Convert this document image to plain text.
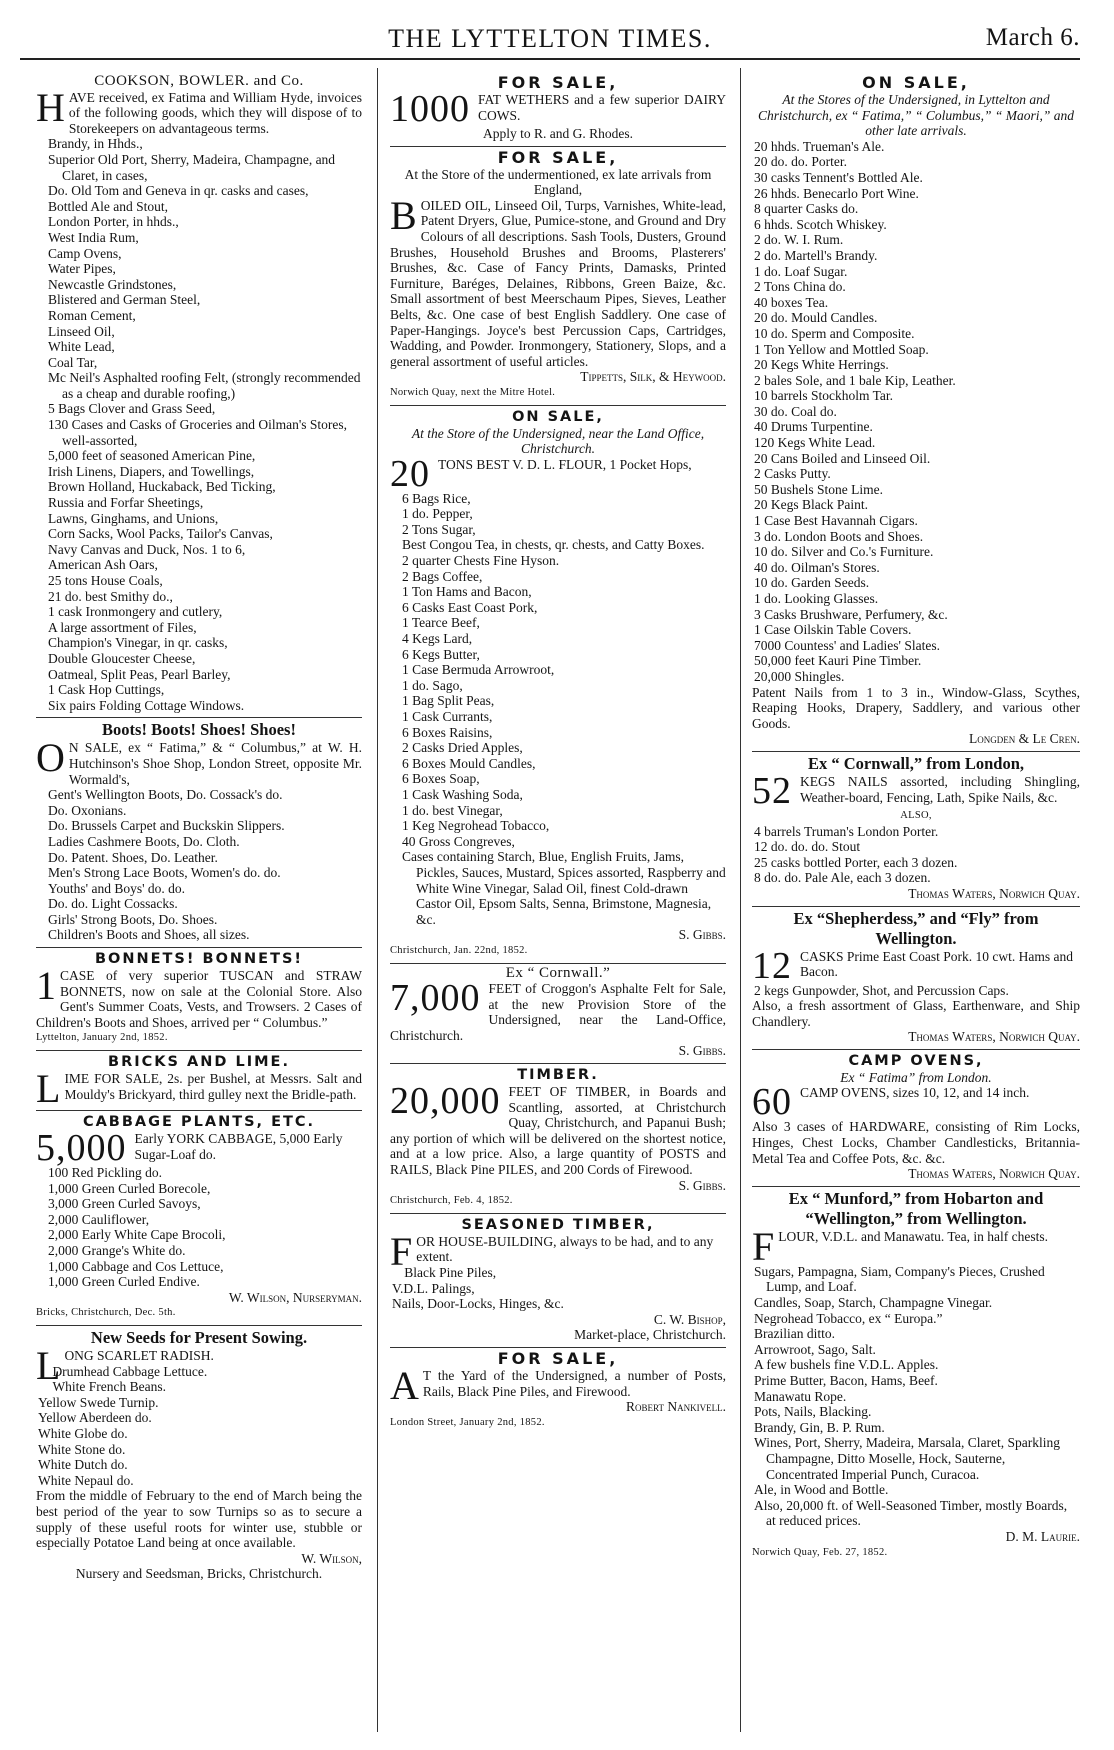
THE LYTTELTON TIMES.	March 6.
COOKSON, BOWLER. and Co.
H AVE received, ex Fatima and William Hyde, invoices of the following goods, which they will dispose of to Storekeepers on advantageous terms.
Brandy, in Hhds.,
Superior Old Port, Sherry, Madeira, Champagne, and Claret, in cases,
Do. Old Tom and Geneva in qr. casks and cases,
Bottled Ale and Stout,
London Porter, in hhds.,
West India Rum,
Camp Ovens,
Water Pipes,
Newcastle Grindstones,
Blistered and German Steel,
Roman Cement,
Linseed Oil,
White Lead,
Coal Tar,
Mc Neil's Asphalted roofing Felt, (strongly recommended as a cheap and durable roofing,)
5 Bags Clover and Grass Seed,
130 Cases and Casks of Groceries and Oilman's Stores, well-assorted,
5,000 feet of seasoned American Pine,
Irish Linens, Diapers, and Towellings,
Brown Holland, Huckaback, Bed Ticking,
Russia and Forfar Sheetings,
Lawns, Ginghams, and Unions,
Corn Sacks, Wool Packs, Tailor's Canvas,
Navy Canvas and Duck, Nos. 1 to 6,
American Ash Oars,
25 tons House Coals,
21 do. best Smithy do.,
1 cask Ironmongery and cutlery,
A large assortment of Files,
Champion's Vinegar, in qr. casks,
Double Gloucester Cheese,
Oatmeal, Split Peas, Pearl Barley,
1 Cask Hop Cuttings,
Six pairs Folding Cottage Windows.
Boots! Boots! Shoes! Shoes!
O N SALE, ex “ Fatima,” & “ Columbus,” at W. H. Hutchinson's Shoe Shop, London Street, opposite Mr. Wormald's,
Gent's Wellington Boots, Do. Cossack's do.
Do. Oxonians.
Do. Brussels Carpet and Buckskin Slippers.
Ladies Cashmere Boots, Do. Cloth.
Do. Patent. Shoes, Do. Leather.
Men's Strong Lace Boots, Women's do. do.
Youths' and Boys' do. do.
Do. do. Light Cossacks.
Girls' Strong Boots, Do. Shoes.
Children's Boots and Shoes, all sizes.
BONNETS! BONNETS!
1 CASE of very superior TUSCAN and STRAW BONNETS, now on sale at the Colonial Store. Also Gent's Summer Coats, Vests, and Trowsers. 2 Cases of Children's Boots and Shoes, arrived per “ Columbus.”
Lyttelton, January 2nd, 1852.
BRICKS AND LIME.
L IME FOR SALE, 2s. per Bushel, at Messrs. Salt and Mouldy's Brickyard, third gulley next the Bridle-path.
CABBAGE PLANTS, ETC.
5,000 Early YORK CABBAGE, 5,000 Early Sugar-Loaf do.
100 Red Pickling do.
1,000 Green Curled Borecole,
3,000 Green Curled Savoys,
2,000 Cauliflower,
2,000 Early White Cape Brocoli,
2,000 Grange's White do.
1,000 Cabbage and Cos Lettuce,
1,000 Green Curled Endive.
W. Wilson, Nurseryman.
Bricks, Christchurch, Dec. 5th.
New Seeds for Present Sowing.
L ONG SCARLET RADISH.
Drumhead Cabbage Lettuce.
White French Beans.
Yellow Swede Turnip.
Yellow Aberdeen do.
White Globe do.
White Stone do.
White Dutch do.
White Nepaul do.
From the middle of February to the end of March being the best period of the year to sow Turnips so as to secure a supply of these useful roots for winter use, stubble or especially Potatoe Land being at once available.
W. Wilson,
Nursery and Seedsman, Bricks, Christchurch.
FOR SALE,
1000 FAT WETHERS and a few superior DAIRY COWS.
Apply to R. and G. Rhodes.
FOR SALE,
At the Store of the undermentioned, ex late arrivals from England,
B OILED OIL, Linseed Oil, Turps, Varnishes, White-lead, Patent Dryers, Glue, Pumice-stone, and Ground and Dry Colours of all descriptions. Sash Tools, Dusters, Ground Brushes, Household Brushes and Brooms, Plasterers' Brushes, &c. Case of Fancy Prints, Damasks, Printed Furniture, Baréges, Delaines, Ribbons, Green Baize, &c. Small assortment of best Meerschaum Pipes, Sieves, Leather Belts, &c. One case of best English Saddlery. One case of Paper-Hangings. Joyce's best Percussion Caps, Cartridges, Wadding, and Powder. Ironmongery, Stationery, Slops, and a general assortment of useful articles.
Tippetts, Silk, & Heywood.
Norwich Quay, next the Mitre Hotel.
ON SALE,
At the Store of the Undersigned, near the Land Office, Christchurch.
20 TONS BEST V. D. L. FLOUR, 1 Pocket Hops,
6 Bags Rice,
1 do. Pepper,
2 Tons Sugar,
Best Congou Tea, in chests, qr. chests, and Catty Boxes.
2 quarter Chests Fine Hyson.
2 Bags Coffee,
1 Ton Hams and Bacon,
6 Casks East Coast Pork,
1 Tearce Beef,
4 Kegs Lard,
6 Kegs Butter,
1 Case Bermuda Arrowroot,
1 do. Sago,
1 Bag Split Peas,
1 Cask Currants,
6 Boxes Raisins,
2 Casks Dried Apples,
6 Boxes Mould Candles,
6 Boxes Soap,
1 Cask Washing Soda,
1 do. best Vinegar,
1 Keg Negrohead Tobacco,
40 Gross Congreves,
Cases containing Starch, Blue, English Fruits, Jams, Pickles, Sauces, Mustard, Spices assorted, Raspberry and White Wine Vinegar, Salad Oil, finest Cold-drawn Castor Oil, Epsom Salts, Senna, Brimstone, Magnesia, &c.
S. Gibbs.
Christchurch, Jan. 22nd, 1852.
Ex “ Cornwall.”
7,000 FEET of Croggon's Asphalte Felt for Sale, at the new Provision Store of the Undersigned, near the Land-Office, Christchurch.
S. Gibbs.
TIMBER.
20,000 FEET OF TIMBER, in Boards and Scantling, assorted, at Christchurch Quay, Christchurch, and Papanui Bush; any portion of which will be delivered on the shortest notice, and at a low price. Also, a large quantity of POSTS and RAILS, Black Pine PILES, and 200 Cords of Firewood.
S. Gibbs.
Christchurch, Feb. 4, 1852.
SEASONED TIMBER,
F OR HOUSE-BUILDING, always to be had, and to any extent.
Black Pine Piles,
V.D.L. Palings,
Nails, Door-Locks, Hinges, &c.
C. W. Bishop,
Market-place, Christchurch.
FOR SALE,
A T the Yard of the Undersigned, a number of Posts, Rails, Black Pine Piles, and Firewood.
Robert Nankivell.
London Street, January 2nd, 1852.
ON SALE,
At the Stores of the Undersigned, in Lyttelton and Christchurch, ex “ Fatima,” “ Columbus,” “ Maori,” and other late arrivals.
20 hhds. Trueman's Ale.
20 do. do. Porter.
30 casks Tennent's Bottled Ale.
26 hhds. Benecarlo Port Wine.
8 quarter Casks do.
6 hhds. Scotch Whiskey.
2 do. W. I. Rum.
2 do. Martell's Brandy.
1 do. Loaf Sugar.
2 Tons China do.
40 boxes Tea.
20 do. Mould Candles.
10 do. Sperm and Composite.
1 Ton Yellow and Mottled Soap.
20 Kegs White Herrings.
2 bales Sole, and 1 bale Kip, Leather.
10 barrels Stockholm Tar.
30 do. Coal do.
40 Drums Turpentine.
120 Kegs White Lead.
20 Cans Boiled and Linseed Oil.
2 Casks Putty.
50 Bushels Stone Lime.
20 Kegs Black Paint.
1 Case Best Havannah Cigars.
3 do. London Boots and Shoes.
10 do. Silver and Co.'s Furniture.
40 do. Oilman's Stores.
10 do. Garden Seeds.
1 do. Looking Glasses.
3 Casks Brushware, Perfumery, &c.
1 Case Oilskin Table Covers.
7000 Countess' and Ladies' Slates.
50,000 feet Kauri Pine Timber.
20,000 Shingles.
Patent Nails from 1 to 3 in., Window-Glass, Scythes, Reaping Hooks, Drapery, Saddlery, and various other Goods.
Longden & Le Cren.
Ex “ Cornwall,” from London,
52 KEGS NAILS assorted, including Shingling, Weather-board, Fencing, Lath, Spike Nails, &c.
ALSO,
4 barrels Truman's London Porter.
12 do. do. do. Stout
25 casks bottled Porter, each 3 dozen.
8 do. do. Pale Ale, each 3 dozen.
Thomas Waters, Norwich Quay.
Ex “Shepherdess,” and “Fly” from Wellington.
12 CASKS Prime East Coast Pork. 10 cwt. Hams and Bacon.
2 kegs Gunpowder, Shot, and Percussion Caps.
Also, a fresh assortment of Glass, Earthenware, and Ship Chandlery.
Thomas Waters, Norwich Quay.
CAMP OVENS,
Ex “ Fatima” from London.
60 CAMP OVENS, sizes 10, 12, and 14 inch.
Also 3 cases of HARDWARE, consisting of Rim Locks, Hinges, Chest Locks, Chamber Candlesticks, Britannia-Metal Tea and Coffee Pots, &c. &c.
Thomas Waters, Norwich Quay.
Ex “ Munford,” from Hobarton and “Wellington,” from Wellington.
F LOUR, V.D.L. and Manawatu. Tea, in half chests.
Sugars, Pampagna, Siam, Company's Pieces, Crushed Lump, and Loaf.
Candles, Soap, Starch, Champagne Vinegar.
Negrohead Tobacco, ex “ Europa.”
Brazilian ditto.
Arrowroot, Sago, Salt.
A few bushels fine V.D.L. Apples.
Prime Butter, Bacon, Hams, Beef.
Manawatu Rope.
Pots, Nails, Blacking.
Brandy, Gin, B. P. Rum.
Wines, Port, Sherry, Madeira, Marsala, Claret, Sparkling Champagne, Ditto Moselle, Hock, Sauterne, Concentrated Imperial Punch, Curacoa.
Ale, in Wood and Bottle.
Also, 20,000 ft. of Well-Seasoned Timber, mostly Boards, at reduced prices.
D. M. Laurie.
Norwich Quay, Feb. 27, 1852.
